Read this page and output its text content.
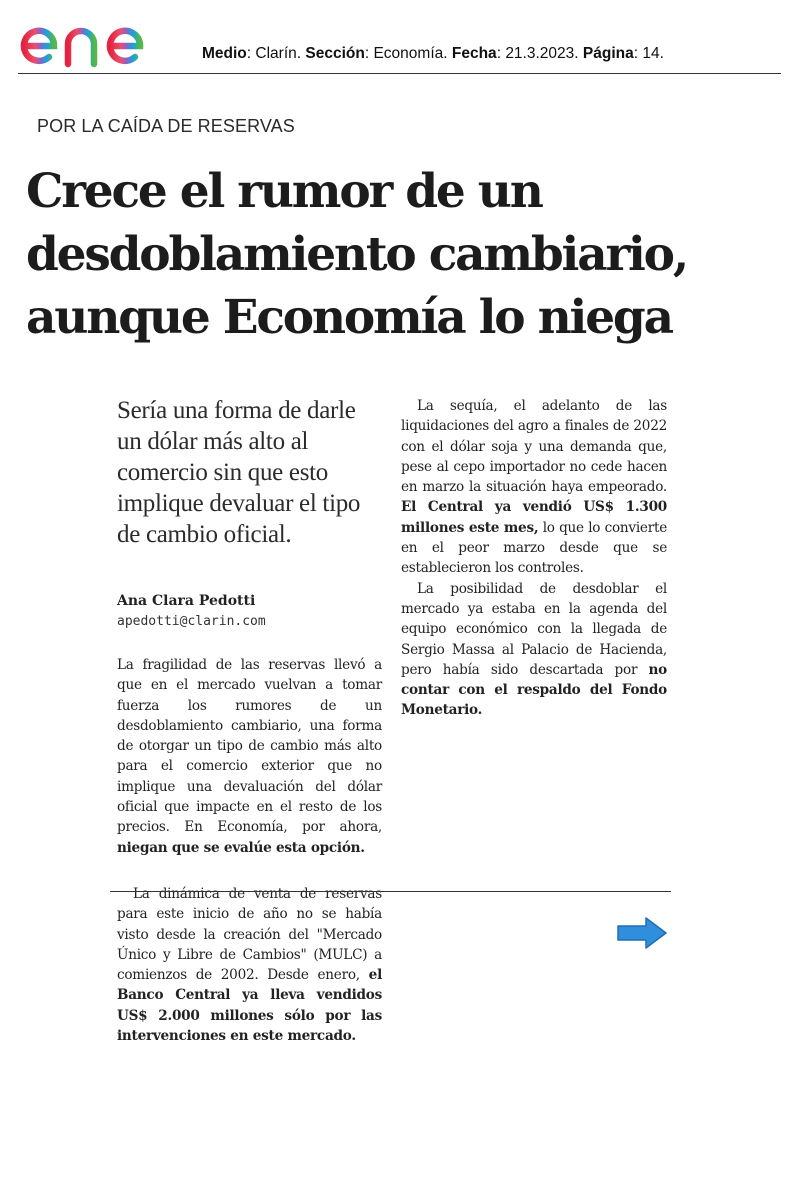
Medio: Clarín. Sección: Economía. Fecha: 21.3.2023. Página: 14.
POR LA CAÍDA DE RESERVAS
Crece el rumor de un desdoblamiento cambiario, aunque Economía lo niega

Sería una forma de darle un dólar más alto al comercio sin que esto implique devaluar el tipo de cambio oficial.

Ana Clara Pedotti
apedotti@clarin.com

La fragilidad de las reservas llevó a que en el mercado vuelvan a tomar fuerza los rumores de un desdoblamiento cambiario, una forma de otorgar un tipo de cambio más alto para el comercio exterior que no implique una devaluación del dólar oficial que impacte en el resto de los precios. En Economía, por ahora, niegan que se evalúe esta opción.

La dinámica de venta de reservas para este inicio de año no se había visto desde la creación del "Mercado Único y Libre de Cambios" (MULC) a comienzos de 2002. Desde enero, el Banco Central ya lleva vendidos US$ 2.000 millones sólo por las intervenciones en este mercado.

La sequía, el adelanto de las liquidaciones del agro a finales de 2022 con el dólar soja y una demanda que, pese al cepo importador no cede hacen en marzo la situación haya empeorado. El Central ya vendió US$ 1.300 millones este mes, lo que lo convierte en el peor marzo desde que se establecieron los controles.

La posibilidad de desdoblar el mercado ya estaba en la agenda del equipo económico con la llegada de Sergio Massa al Palacio de Hacienda, pero había sido descartada por no contar con el respaldo del Fondo Monetario.
